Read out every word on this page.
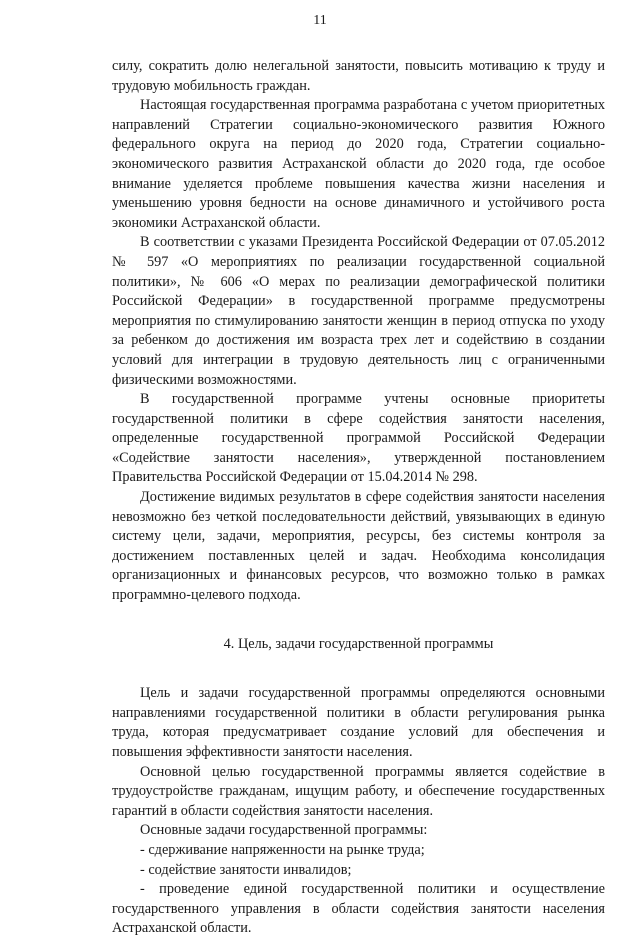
11

силу, сократить долю нелегальной занятости, повысить мотивацию к труду и трудовую мобильность граждан.

Настоящая государственная программа разработана с учетом приоритетных направлений Стратегии социально-экономического развития Южного федерального округа на период до 2020 года, Стратегии социально-экономического развития Астраханской области до 2020 года, где особое внимание уделяется проблеме повышения качества жизни населения и уменьшению уровня бедности на основе динамичного и устойчивого роста экономики Астраханской области.

В соответствии с указами Президента Российской Федерации от 07.05.2012 № 597 «О мероприятиях по реализации государственной социальной политики», № 606 «О мерах по реализации демографической политики Российской Федерации» в государственной программе предусмотрены мероприятия по стимулированию занятости женщин в период отпуска по уходу за ребенком до достижения им возраста трех лет и содействию в создании условий для интеграции в трудовую деятельность лиц с ограниченными физическими возможностями.

В государственной программе учтены основные приоритеты государственной политики в сфере содействия занятости населения, определенные государственной программой Российской Федерации «Содействие занятости населения», утвержденной постановлением Правительства Российской Федерации от 15.04.2014 № 298.

Достижение видимых результатов в сфере содействия занятости населения невозможно без четкой последовательности действий, увязывающих в единую систему цели, задачи, мероприятия, ресурсы, без системы контроля за достижением поставленных целей и задач. Необходима консолидация организационных и финансовых ресурсов, что возможно только в рамках программно-целевого подхода.

4. Цель, задачи государственной программы

Цель и задачи государственной программы определяются основными направлениями государственной политики в области регулирования рынка труда, которая предусматривает создание условий для обеспечения и повышения эффективности занятости населения.

Основной целью государственной программы является содействие в трудоустройстве гражданам, ищущим работу, и обеспечение государственных гарантий в области содействия занятости населения.

Основные задачи государственной программы:

- сдерживание напряженности на рынке труда;

- содействие занятости инвалидов;

- проведение единой государственной политики и осуществление государственного управления в области содействия занятости населения Астраханской области.
